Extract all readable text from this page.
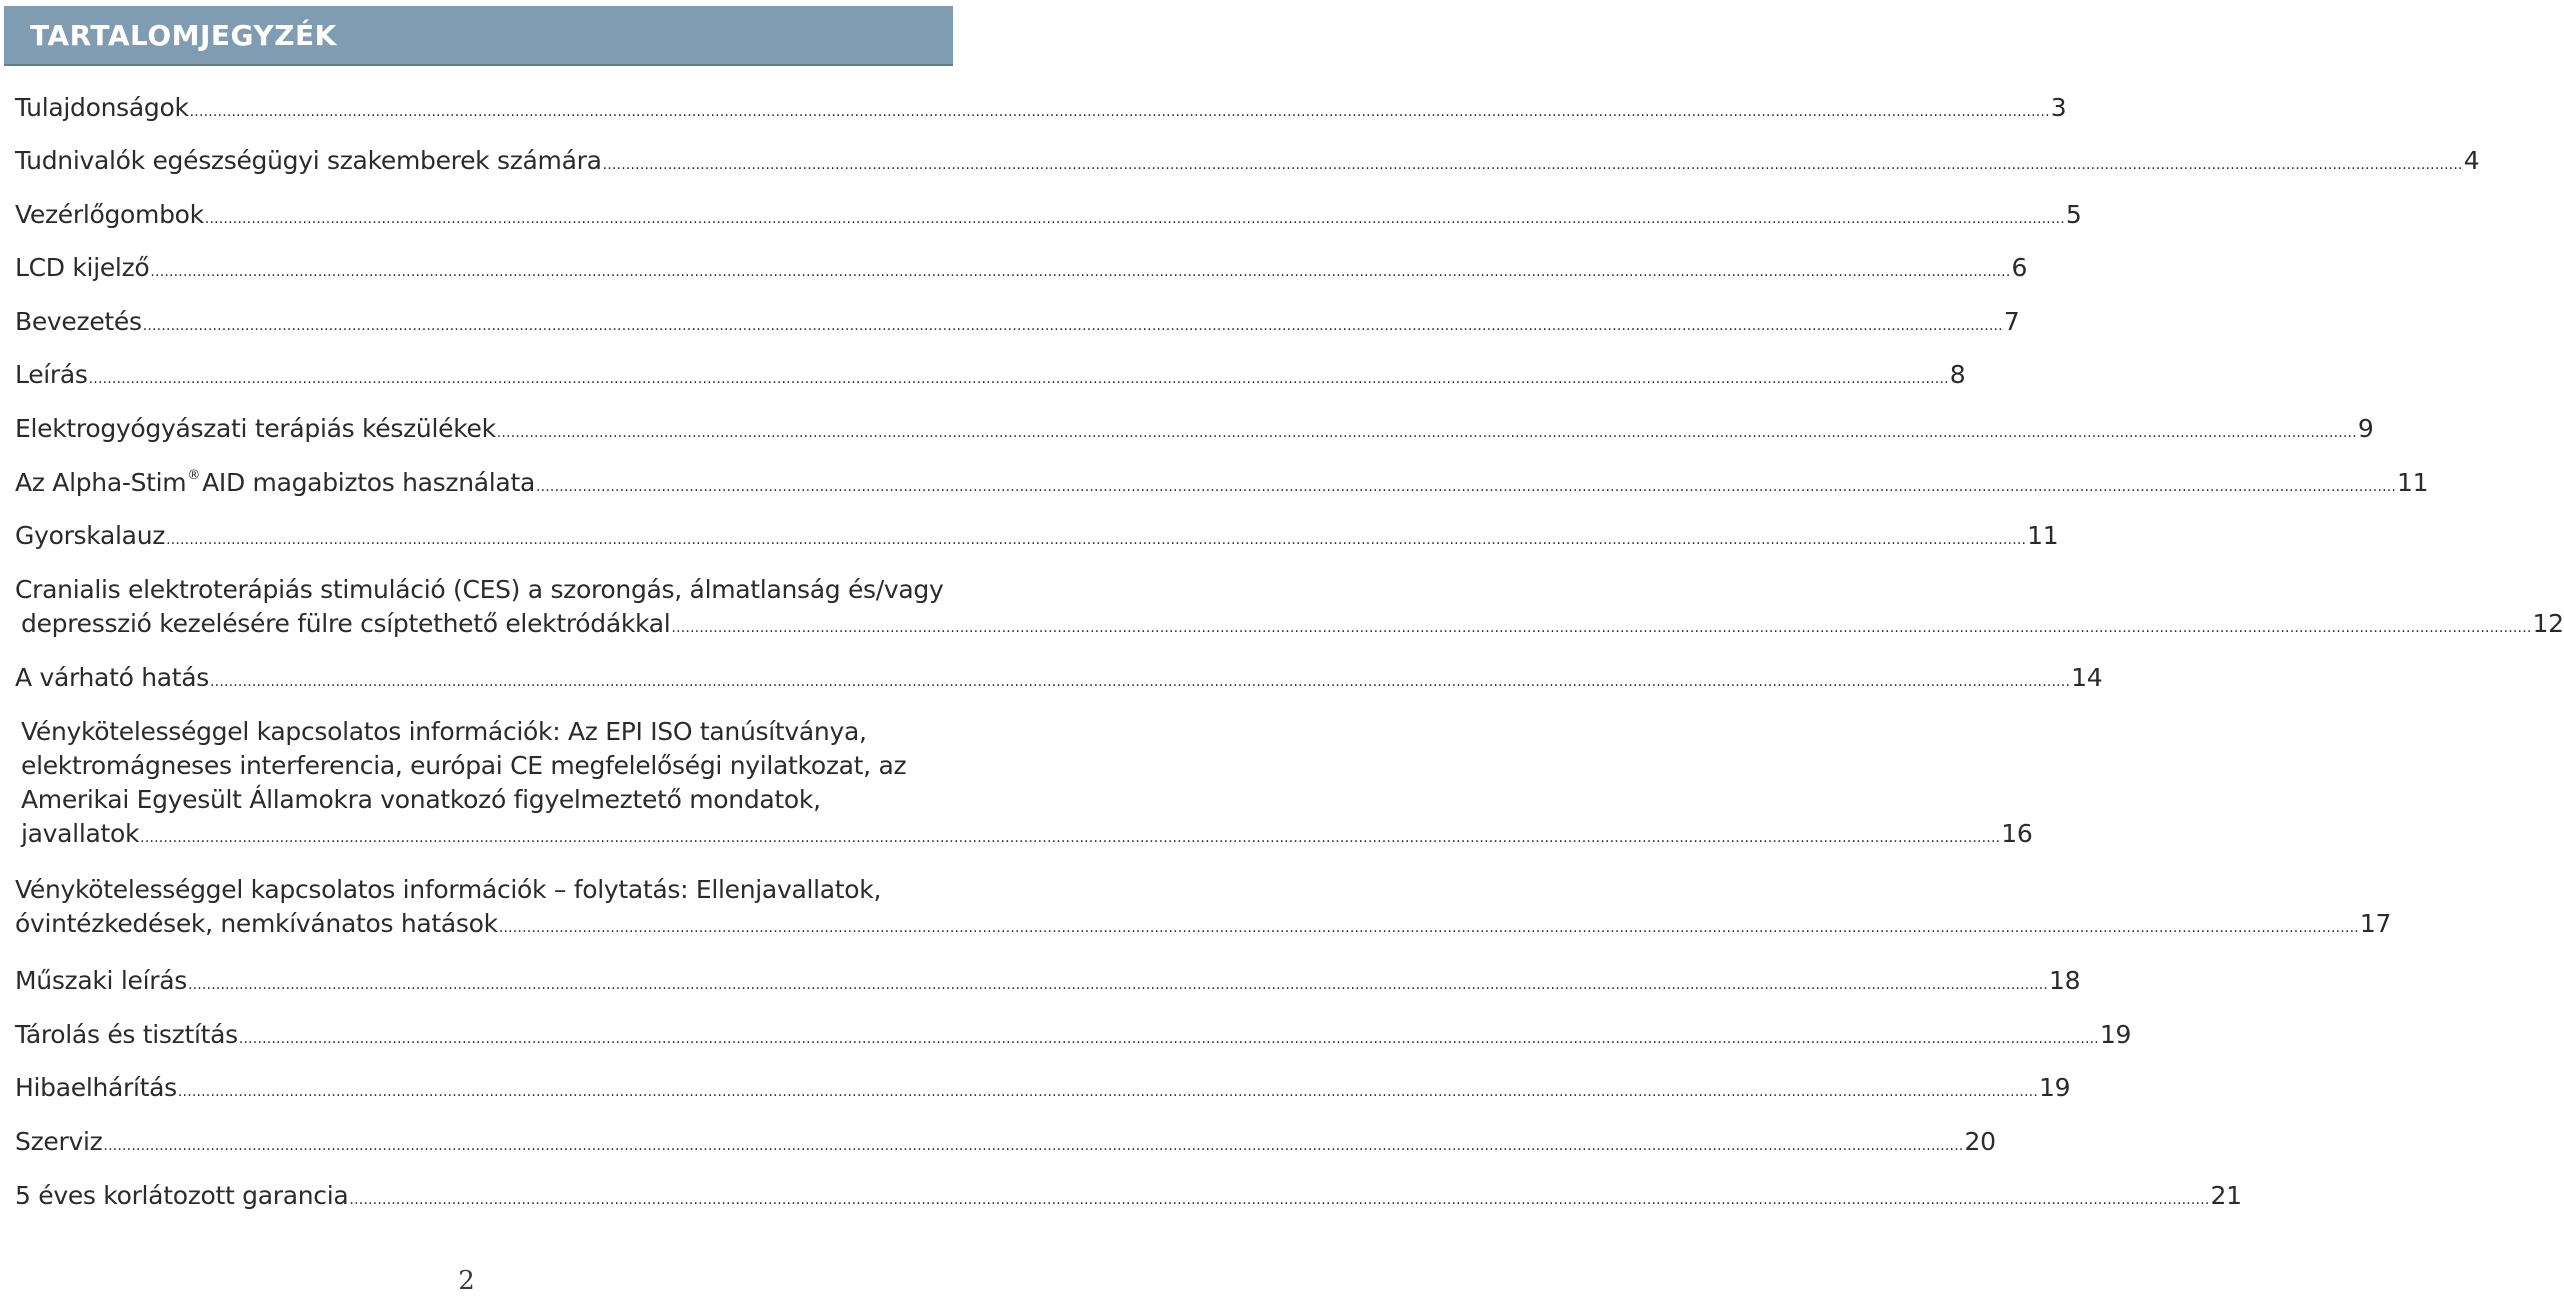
TARTALOMJEGYZÉK
Tulajdonságok ................................................................................................................................................................................................................................................................................................................................................................................................................ 3
Tudnivalók egészségügyi szakemberek számára ................................................................................................................................................................................................................................................................................................................................................................................................................ 4
Vezérlőgombok ................................................................................................................................................................................................................................................................................................................................................................................................................ 5
LCD kijelző ................................................................................................................................................................................................................................................................................................................................................................................................................ 6
Bevezetés ................................................................................................................................................................................................................................................................................................................................................................................................................ 7
Leírás ................................................................................................................................................................................................................................................................................................................................................................................................................ 8
Elektrogyógyászati terápiás készülékek ................................................................................................................................................................................................................................................................................................................................................................................................................ 9
Az Alpha-Stim®AID magabiztos használata ................................................................................................................................................................................................................................................................................................................................................................................................................ 11
Gyorskalauz ................................................................................................................................................................................................................................................................................................................................................................................................................ 11
Cranialis elektroterápiás stimuláció (CES) a szorongás, álmatlanság és/vagy
depresszió kezelésére fülre csíptethető elektródákkal ................................................................................................................................................................................................................................................................................................................................................................................................................ 12
A várható hatás ................................................................................................................................................................................................................................................................................................................................................................................................................ 14
Vénykötelességgel kapcsolatos információk: Az EPI ISO tanúsítványa,
elektromágneses interferencia, európai CE megfelelőségi nyilatkozat, az
Amerikai Egyesült Államokra vonatkozó figyelmeztető mondatok,
javallatok ................................................................................................................................................................................................................................................................................................................................................................................................................ 16
Vénykötelességgel kapcsolatos információk – folytatás: Ellenjavallatok,
óvintézkedések, nemkívánatos hatások ................................................................................................................................................................................................................................................................................................................................................................................................................ 17
Műszaki leírás ................................................................................................................................................................................................................................................................................................................................................................................................................ 18
Tárolás és tisztítás ................................................................................................................................................................................................................................................................................................................................................................................................................ 19
Hibaelhárítás ................................................................................................................................................................................................................................................................................................................................................................................................................ 19
Szerviz ................................................................................................................................................................................................................................................................................................................................................................................................................ 20
5 éves korlátozott garancia ................................................................................................................................................................................................................................................................................................................................................................................................................ 21
2
